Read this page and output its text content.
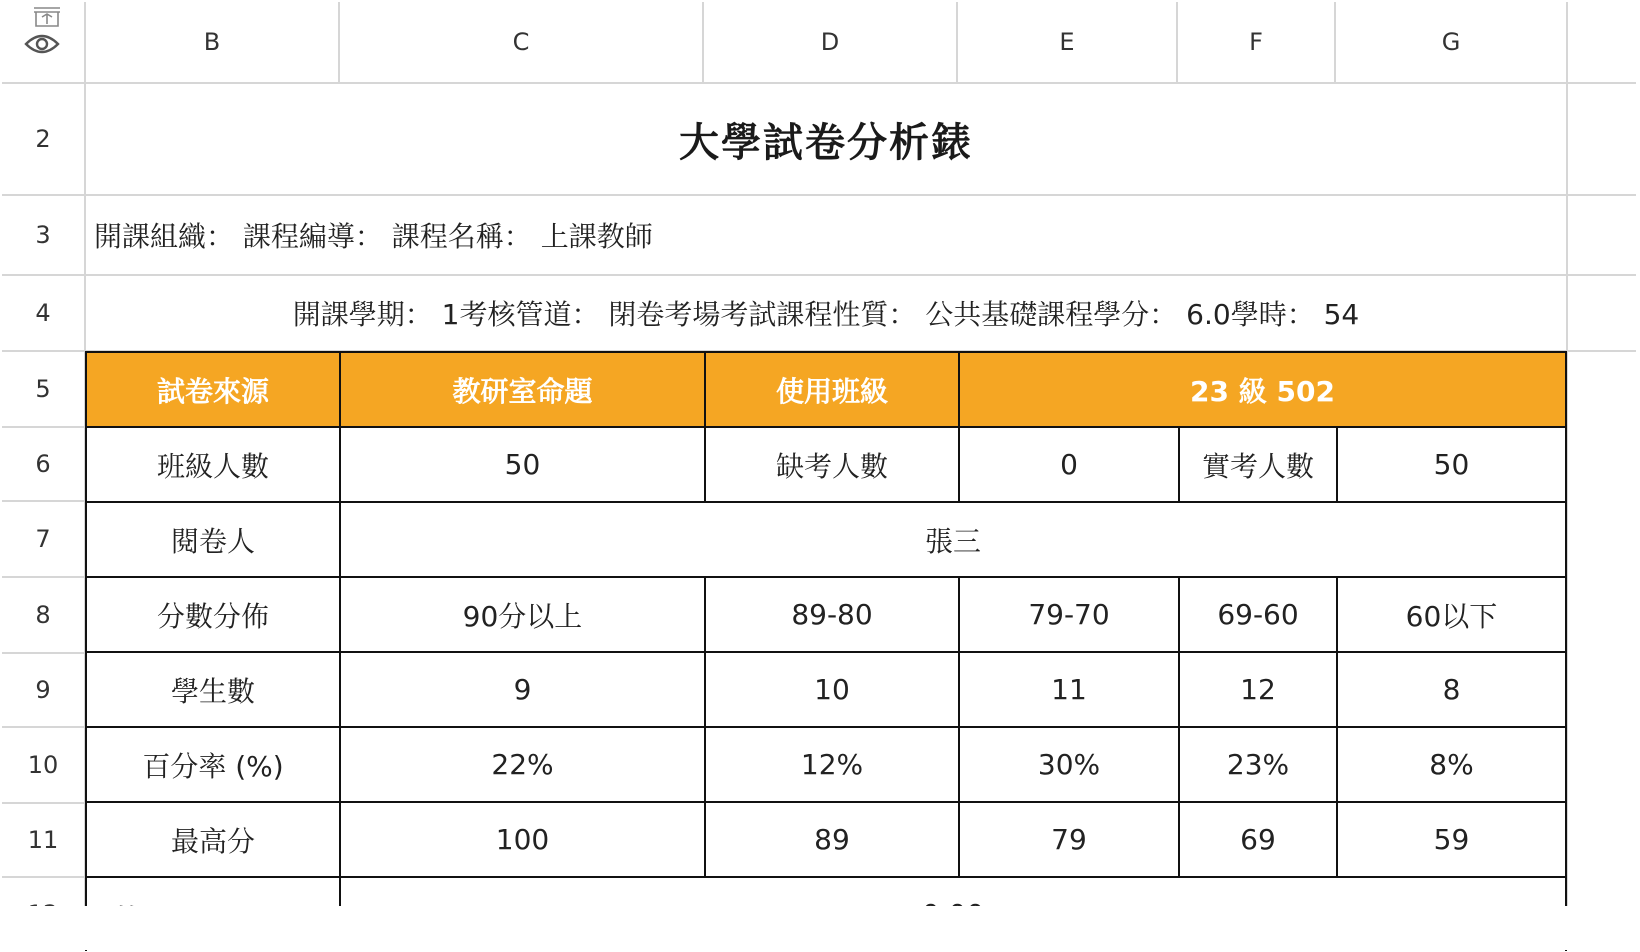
B	C	D	E	F	G
2
3
4
5
6
7
8
9
10
11
大學試卷分析錶
開課組織： 課程編導： 課程名稱： 上課教師
開課學期： 1考核管道： 閉卷考場考試課程性質： 公共基礎課程學分： 6.0學時： 54
試卷來源	教研室命題	使用班級	23 級 502
班級人數	50	缺考人數	0	實考人數	50
閱卷人	張三
分數分佈	90分以上	89-80	79-70	69-60	60以下
學生數	9	10	11	12	8
百分率 (%)	22%	12%	30%	23%	8%
最高分	100	89	79	69	59
